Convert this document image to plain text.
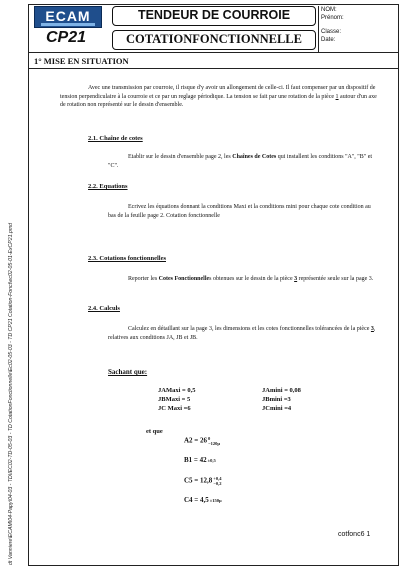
dt Vanniere\ECAM\04-Papy\04-03 - TD\IEC02-TD-05-03 - TD CotationFonctionnelle\Ec02-05-03 - TD CP21 Cotation-Fonct\ec02-05-01-ExCP21.pmd
ECAM
CP21
TENDEUR DE COURROIE
COTATIONFONCTIONNELLE
NOM:
Prénom:
Classe:
Date:
1° MISE EN SITUATION
Avec une transmission par courroie, il risque d'y avoir un allongement de celle-ci. Il faut compenser par un dispositif de tension perpendiculaire à la courroie et ce par un reglage périodique. La tension se fait par une rotation de la pièce 1 autour d'un axe de rotation non représenté sur le dessin d'ensemble.
2.1. Chaîne de cotes
Etablir sur le dessin d'ensemble page 2, les Chaînes de Cotes qui installent les conditions "A", "B" et "C".
2.2. Equations
Ecrivez les équations donnant la conditions Maxi et la conditions mini pour chaque cote condition au bas de la feuille page 2. Cotation fonctionnelle
2.3. Cotations fonctionnelles
Reporter les Cotes Fonctionnelles obtenues sur le dessin de la pièce 3 représentée seule sur la page 3.
2.4. Calculs
Calculez en détaillant sur la page 3, les dimensions et les cotes fonctionnelles tolérancées de la pièce 3, relatives aux conditions JA, JB et JB.
Sachant que:
JAMaxi = 0,5
JBMaxi = 5
JC Maxi =6
JAmini = 0,08
JBmini =3
JCmini =4
et que
A2 = 26 0
−120µ
B1 = 42 ±0,5
C5 = 12,8 +0,4
−0,2
C4 = 4,5 ±150µ
cotfonc6 1
